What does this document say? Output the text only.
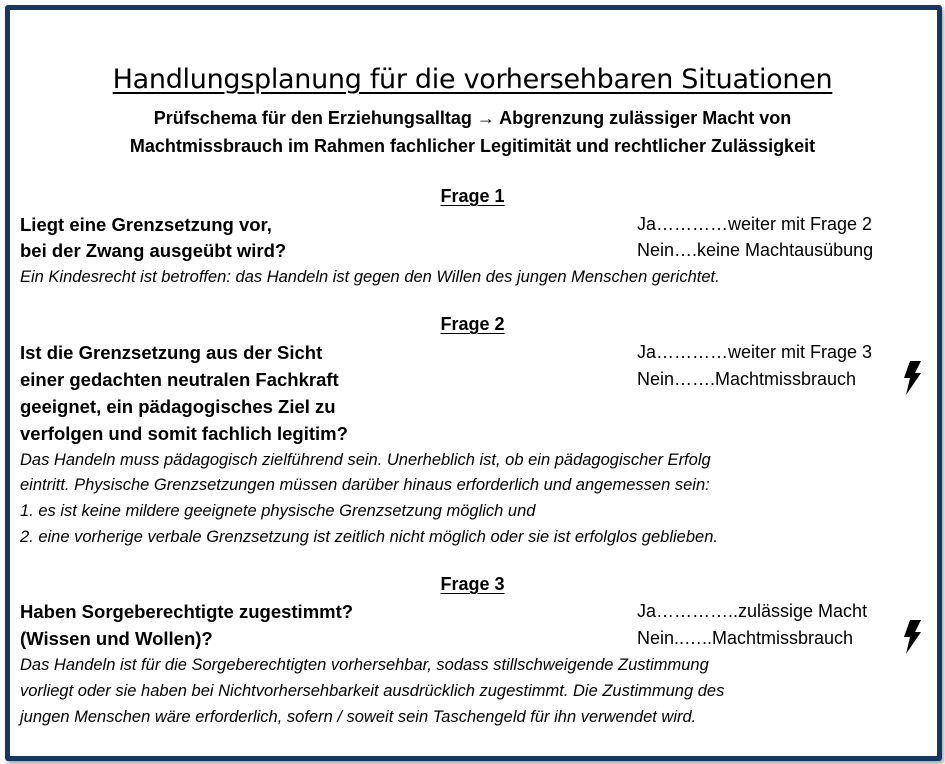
Handlungsplanung für die vorhersehbaren Situationen
Prüfschema für den Erziehungsalltag → Abgrenzung zulässiger Macht von
Machtmissbrauch im Rahmen fachlicher Legitimität und rechtlicher Zulässigkeit
Frage 1
Liegt eine Grenzsetzung vor,
bei der Zwang ausgeübt wird?
Ja…………weiter mit Frage 2
Nein….keine Machtausübung
Ein Kindesrecht ist betroffen: das Handeln ist gegen den Willen des jungen Menschen gerichtet.
Frage 2
Ist die Grenzsetzung aus der Sicht
einer gedachten neutralen Fachkraft
geeignet, ein pädagogisches Ziel zu
verfolgen und somit fachlich legitim?
Ja…………weiter mit Frage 3
Nein…….Machtmissbrauch
Das Handeln muss pädagogisch zielführend sein. Unerheblich ist, ob ein pädagogischer Erfolg
eintritt. Physische Grenzsetzungen müssen darüber hinaus erforderlich und angemessen sein:
1. es ist keine mildere geeignete physische Grenzsetzung möglich und
2. eine vorherige verbale Grenzsetzung ist zeitlich nicht möglich oder sie ist erfolglos geblieben.
Frage 3
Haben Sorgeberechtigte zugestimmt?
(Wissen und Wollen)?
Ja…………..zulässige Macht
Nein..…..Machtmissbrauch
Das Handeln ist für die Sorgeberechtigten vorhersehbar, sodass stillschweigende Zustimmung
vorliegt oder sie haben bei Nichtvorhersehbarkeit ausdrücklich zugestimmt. Die Zustimmung des
jungen Menschen wäre erforderlich, sofern / soweit sein Taschengeld für ihn verwendet wird.
